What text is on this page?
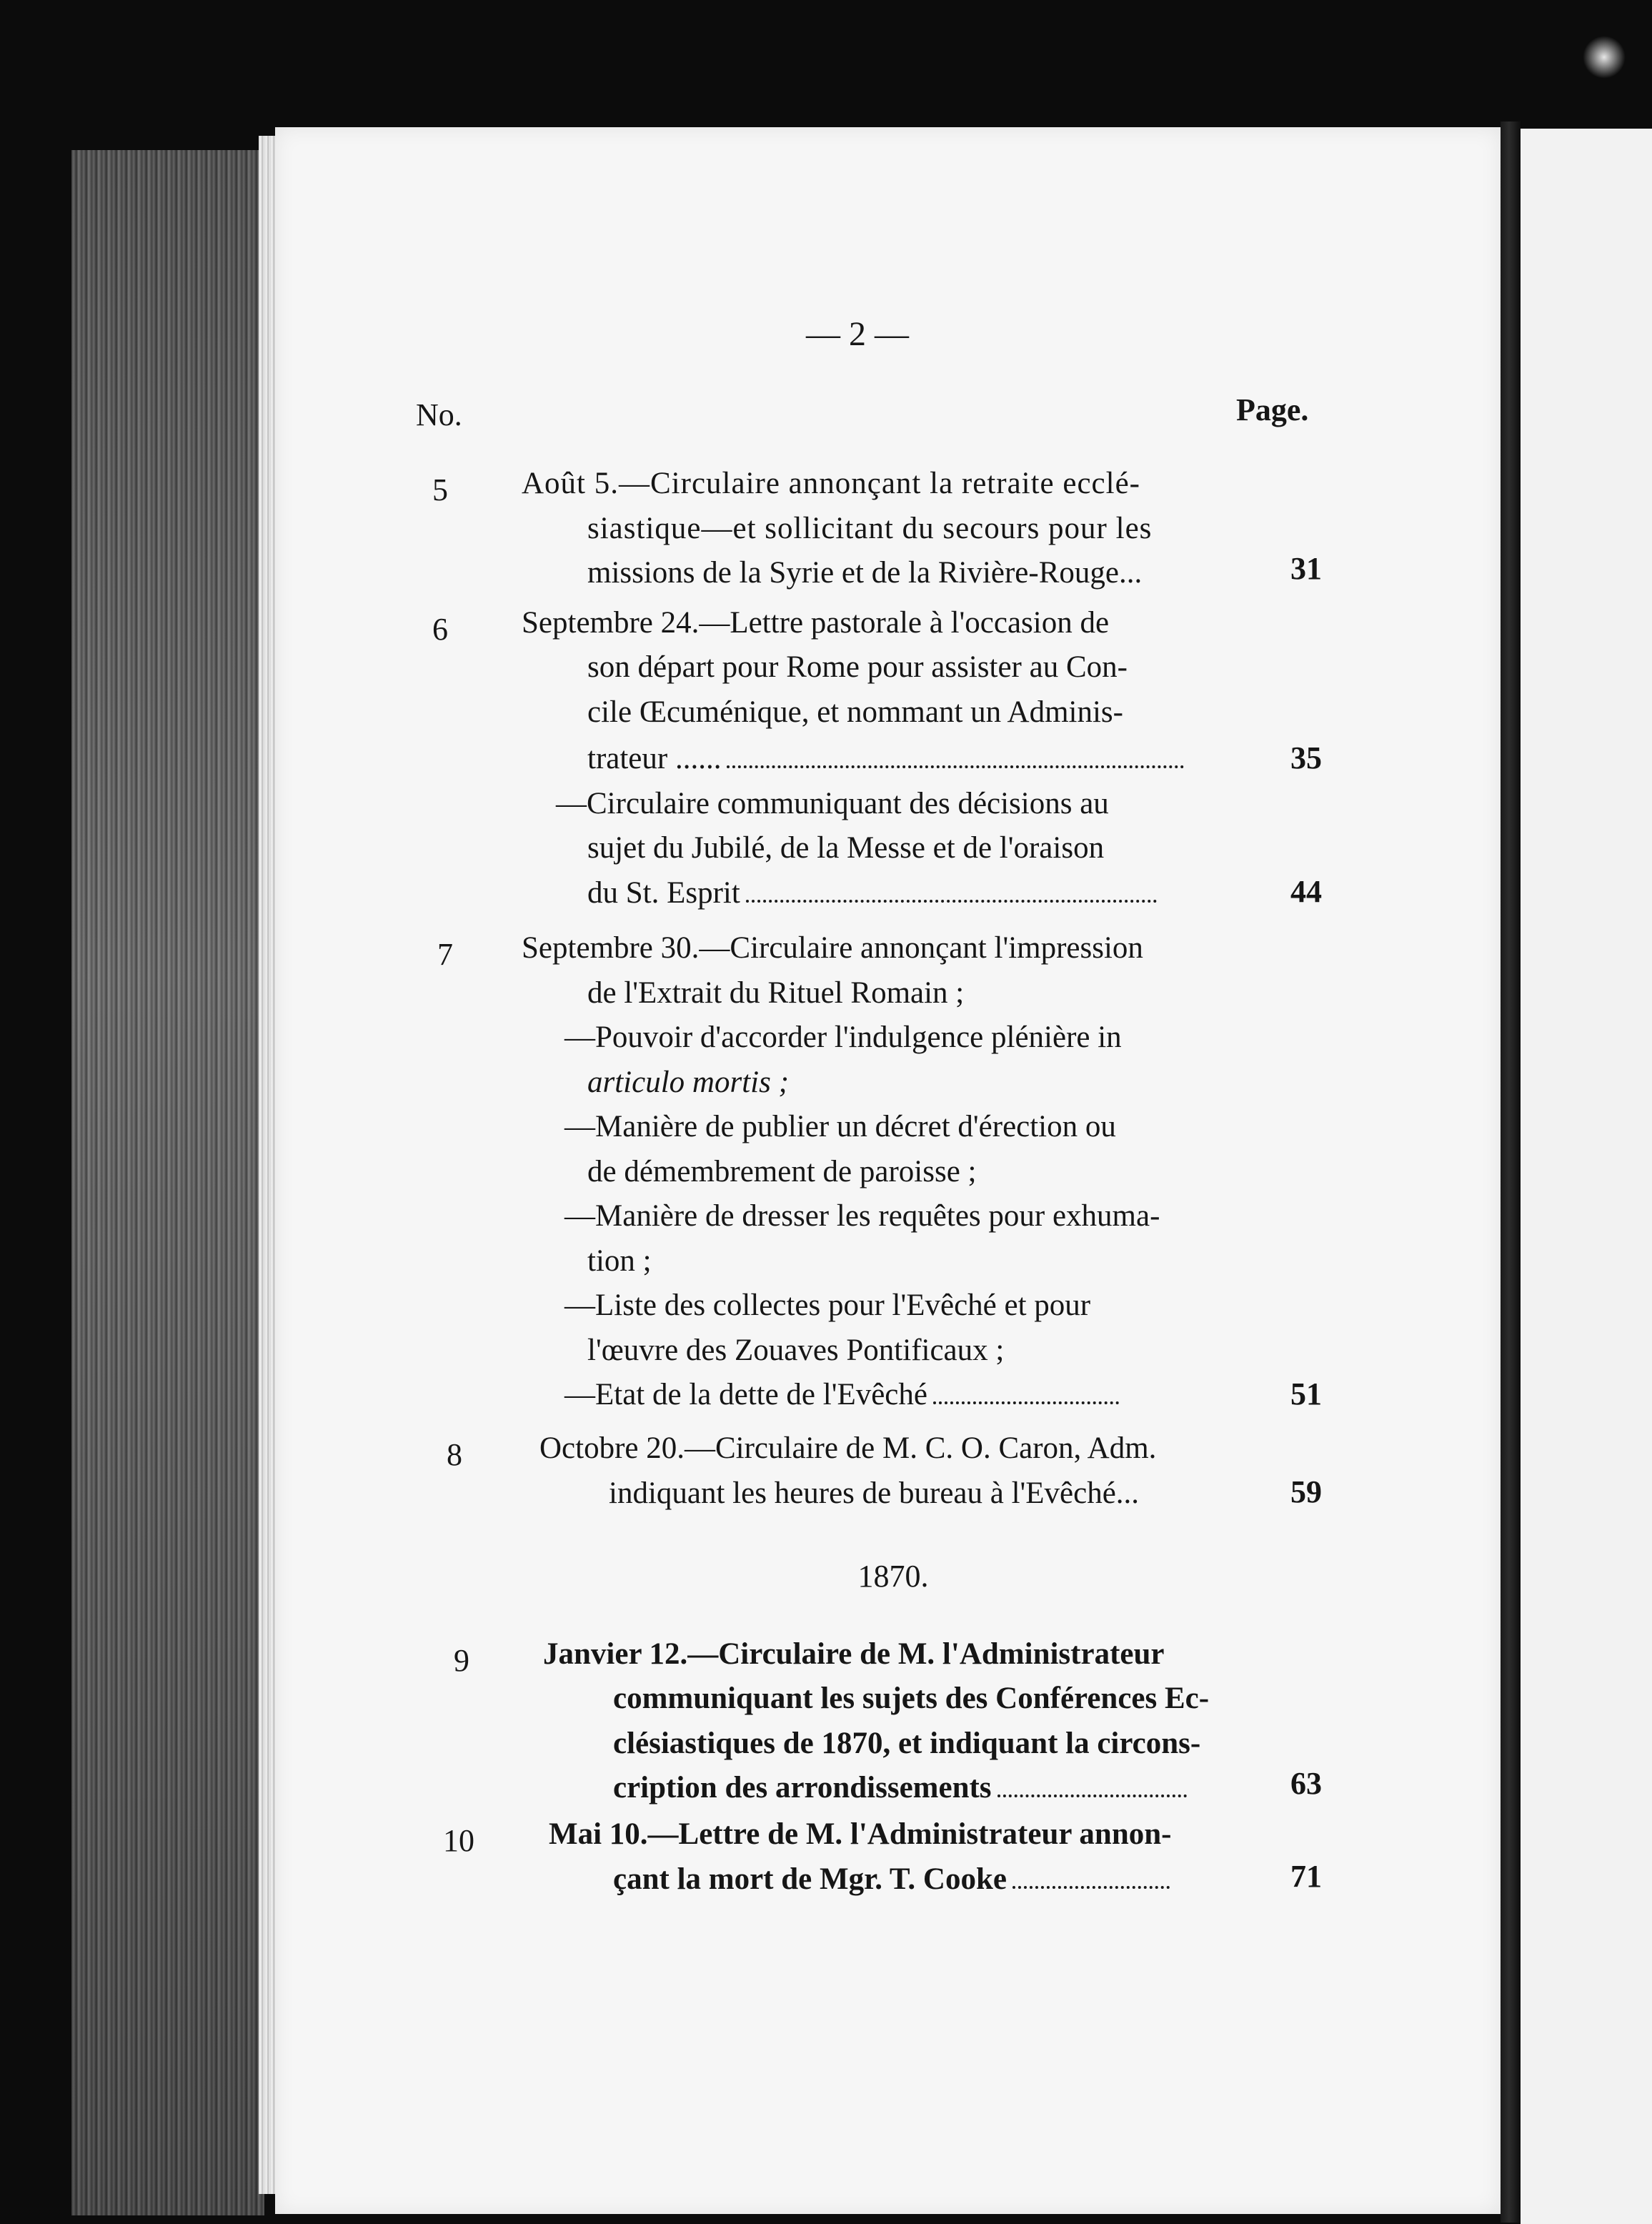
— 2 —
No.	Page.
5 Août 5.—Circulaire annonçant la retraite ecclé-
siastique—et sollicitant du secours pour les
missions de la Syrie et de la Rivière-Rouge...	31
6 Septembre 24.—Lettre pastorale à l'occasion de
son départ pour Rome pour assister au Con-
cile Œcuménique, et nommant un Adminis-
trateur ......	35
—Circulaire communiquant des décisions au
sujet du Jubilé, de la Messe et de l'oraison
du St. Esprit	44
7 Septembre 30.—Circulaire annonçant l'impression
de l'Extrait du Rituel Romain ;
—Pouvoir d'accorder l'indulgence plénière in
articulo mortis ;
—Manière de publier un décret d'érection ou
de démembrement de paroisse ;
—Manière de dresser les requêtes pour exhuma-
tion ;
—Liste des collectes pour l'Evêché et pour
l'œuvre des Zouaves Pontificaux ;
—Etat de la dette de l'Evêché	51
8	Octobre 20.—Circulaire de M. C. O. Caron, Adm.
indiquant les heures de bureau à l'Evêché...	59
1870.
9 Janvier 12.—Circulaire de M. l'Administrateur
communiquant les sujets des Conférences Ec-
clésiastiques de 1870, et indiquant la circons-
cription des arrondissements	63
10 Mai 10.—Lettre de M. l'Administrateur annon-
çant la mort de Mgr. T. Cooke	71
